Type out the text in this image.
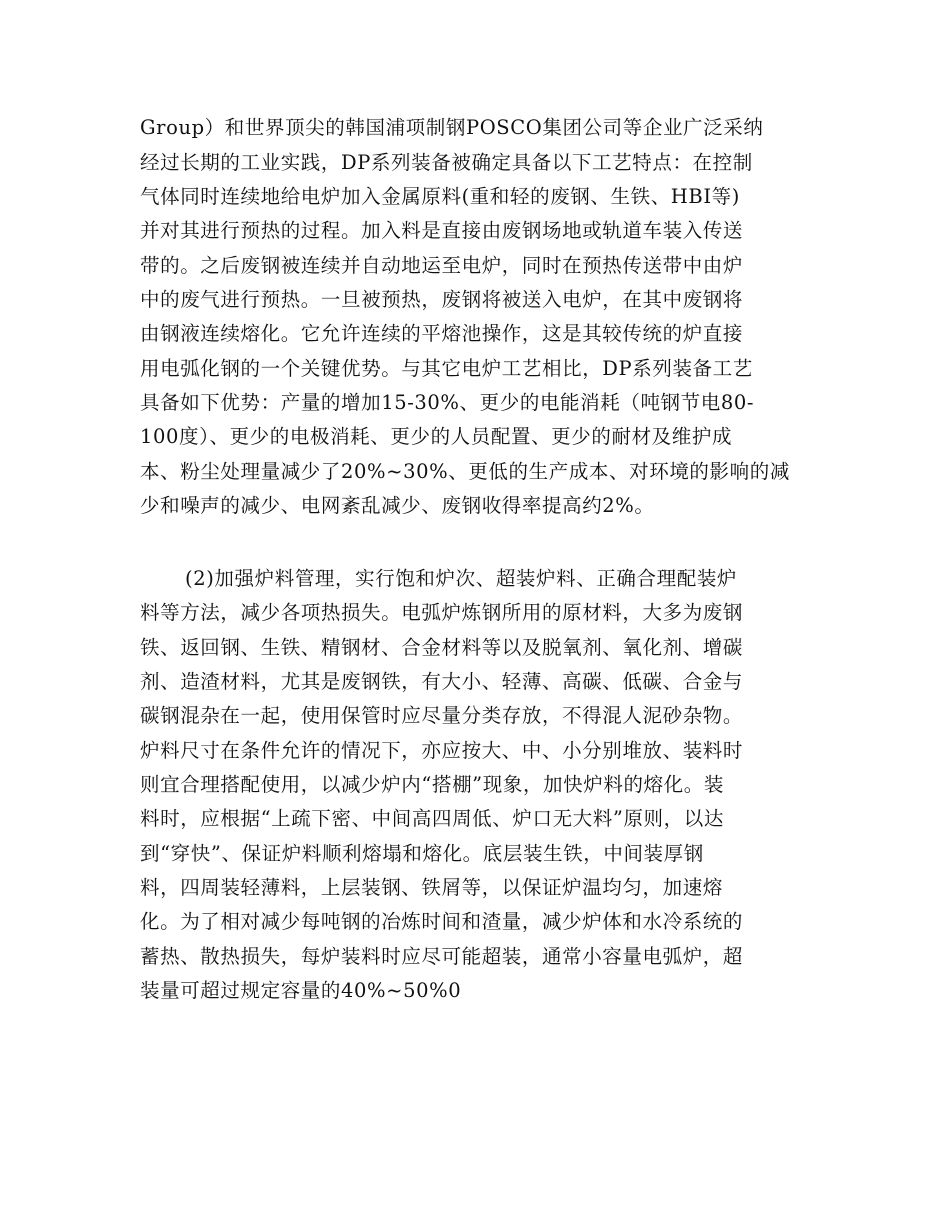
Group）和世界顶尖的韩国浦项制钢POSCO集团公司等企业广泛采纳
经过长期的工业实践，DP系列装备被确定具备以下工艺特点：在控制
气体同时连续地给电炉加入金属原料(重和轻的废钢、生铁、HBI等)
并对其进行预热的过程。加入料是直接由废钢场地或轨道车装入传送
带的。之后废钢被连续并自动地运至电炉，同时在预热传送带中由炉
中的废气进行预热。一旦被预热，废钢将被送入电炉，在其中废钢将
由钢液连续熔化。它允许连续的平熔池操作，这是其较传统的炉直接
用电弧化钢的一个关键优势。与其它电炉工艺相比，DP系列装备工艺
具备如下优势：产量的增加15-30%、更少的电能消耗（吨钢节电80-
100度）、更少的电极消耗、更少的人员配置、更少的耐材及维护成
本、粉尘处理量减少了20%~30%、更低的生产成本、对环境的影响的减
少和噪声的减少、电网紊乱减少、废钢收得率提高约2%。
(2)加强炉料管理，实行饱和炉次、超装炉料、正确合理配装炉
料等方法，减少各项热损失。电弧炉炼钢所用的原材料，大多为废钢
铁、返回钢、生铁、精钢材、合金材料等以及脱氧剂、氧化剂、增碳
剂、造渣材料，尤其是废钢铁，有大小、轻薄、高碳、低碳、合金与
碳钢混杂在一起，使用保管时应尽量分类存放，不得混人泥砂杂物。
炉料尺寸在条件允许的情况下，亦应按大、中、小分别堆放、装料时
则宜合理搭配使用，以减少炉内“搭棚”现象，加快炉料的熔化。装
料时，应根据“上疏下密、中间高四周低、炉口无大料”原则，以达
到“穿快”、保证炉料顺利熔塌和熔化。底层装生铁，中间装厚钢
料，四周装轻薄料，上层装钢、铁屑等，以保证炉温均匀，加速熔
化。为了相对减少每吨钢的冶炼时间和渣量，减少炉体和水冷系统的
蓄热、散热损失，每炉装料时应尽可能超装，通常小容量电弧炉，超
装量可超过规定容量的40%~50%0
